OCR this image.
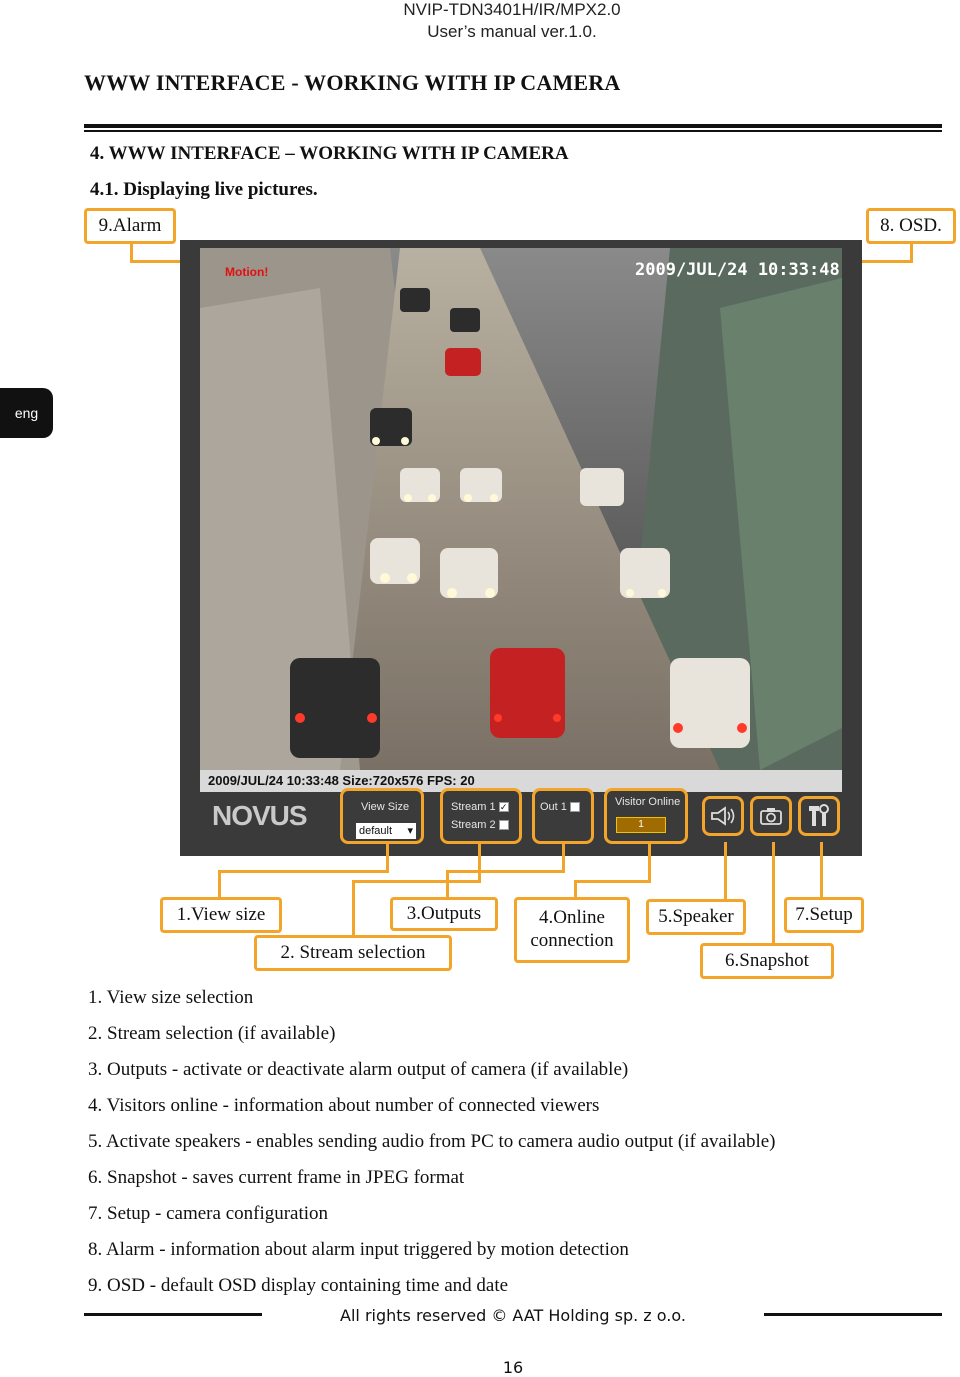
NVIP-TDN3401H/IR/MPX2.0
User’s manual ver.1.0.
WWW INTERFACE - WORKING WITH IP CAMERA
4. WWW INTERFACE – WORKING WITH IP CAMERA
4.1. Displaying live pictures.
eng
9.Alarm	8. OSD.
Motion!	2009/JUL/24 10:33:48
2009/JUL/24 10:33:48 Size:720x576 FPS: 20
NOVUS	View Size
default ▾
Stream 1 ✓
Stream 2
Out 1	Visitor Online
1
1.View size
2. Stream selection
3.Outputs	4.Online connection
5.Speaker
6.Snapshot
7.Setup
1. View size selection
2. Stream selection (if available)
3. Outputs - activate or deactivate alarm output of camera (if available)
4. Visitors online - information about number of connected viewers
5. Activate speakers - enables sending audio from PC to camera audio output (if available)
6. Snapshot - saves current frame in JPEG format
7. Setup - camera configuration
8. Alarm - information about alarm input triggered by motion detection
9. OSD - default OSD display containing time and date
All rights reserved © AAT Holding sp. z o.o.
16
